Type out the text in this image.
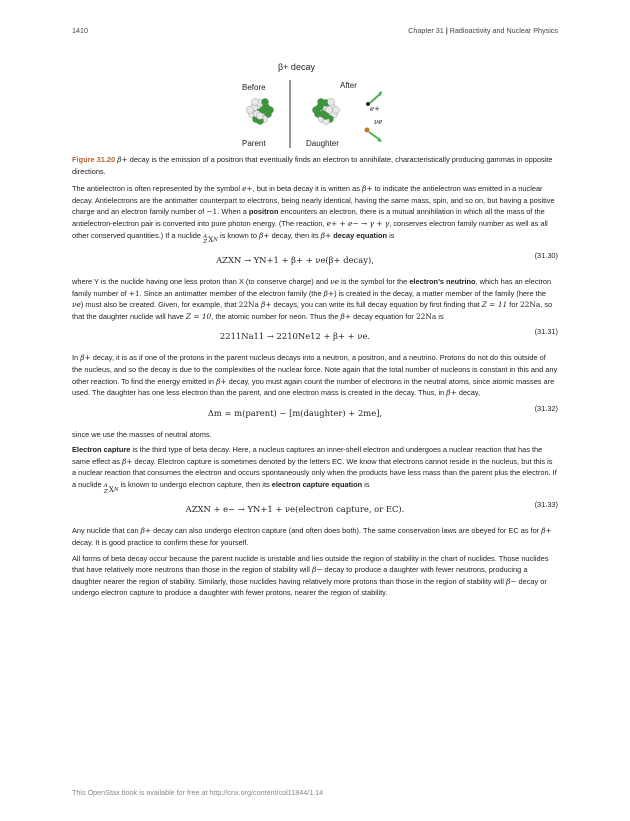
1410	Chapter 31 | Radioactivity and Nuclear Physics
β+ decay
Before	After
Parent	Daughter
e+
νe

Figure 31.20 β+ decay is the emission of a positron that eventually finds an electron to annihilate, characteristically producing gammas in opposite directions.

The antielectron is often represented by the symbol e+, but in beta decay it is written as β+ to indicate the antielectron was emitted in a nuclear decay. Antielectrons are the antimatter counterpart to electrons, being nearly identical, having the same mass, spin, and so on, but having a positive charge and an electron family number of −1. When a positron encounters an electron, there is a mutual annihilation in which all the mass of the antielectron-electron pair is converted into pure photon energy. (The reaction, e+ + e− → γ + γ, conserves electron family number as well as all other conserved quantities.) If a nuclide A
Z X N
is known to β+ decay, then its β+ decay equation is

AZXN → YN+1 + β+ + νe(β+ decay),	(31.30)

where Y is the nuclide having one less proton than X (to conserve charge) and νe is the symbol for the electron's neutrino, which has an electron family number of +1. Since an antimatter member of the electron family (the β+) is created in the decay, a matter member of the family (here the νe) must also be created. Given, for example, that 22Na β+ decays, you can write its full decay equation by first finding that Z = 11 for 22Na, so that the daughter nuclide will have Z = 10, the atomic number for neon. Thus the β+ decay equation for 22Na is

2211Na11 → 2210Ne12 + β+ + νe.	(31.31)

In β+ decay, it is as if one of the protons in the parent nucleus decays into a neutron, a positron, and a neutrino. Protons do not do this outside of the nucleus, and so the decay is due to the complexities of the nuclear force. Note again that the total number of nucleons is constant in this and any other reaction. To find the energy emitted in β+ decay, you must again count the number of electrons in the neutral atoms, since atomic masses are used. The daughter has one less electron than the parent, and one electron mass is created in the decay. Thus, in β+ decay,

Δm = m(parent) − [m(daughter) + 2me],	(31.32)

since we use the masses of neutral atoms.

Electron capture is the third type of beta decay. Here, a nucleus captures an inner-shell electron and undergoes a nuclear reaction that has the same effect as β+ decay. Electron capture is sometimes denoted by the letters EC. We know that electrons cannot reside in the nucleus, but this is a nuclear reaction that consumes the electron and occurs spontaneously only when the products have less mass than the parent plus the electron. If a nuclide A
Z X N
is known to undergo electron capture, then its electron capture equation is

AZXN + e− → YN+1 + νe(electron capture, or EC).	(31.33)

Any nuclide that can β+ decay can also undergo electron capture (and often does both). The same conservation laws are obeyed for EC as for β+ decay. It is good practice to confirm these for yourself.

All forms of beta decay occur because the parent nuclide is unstable and lies outside the region of stability in the chart of nuclides. Those nuclides that have relatively more neutrons than those in the region of stability will β− decay to produce a daughter with fewer neutrons, producing a daughter nearer the region of stability. Similarly, those nuclides having relatively more protons than those in the region of stability will β− decay or undergo electron capture to produce a daughter with fewer protons, nearer the region of stability.

This OpenStax book is available for free at http://cnx.org/content/col11844/1.14
